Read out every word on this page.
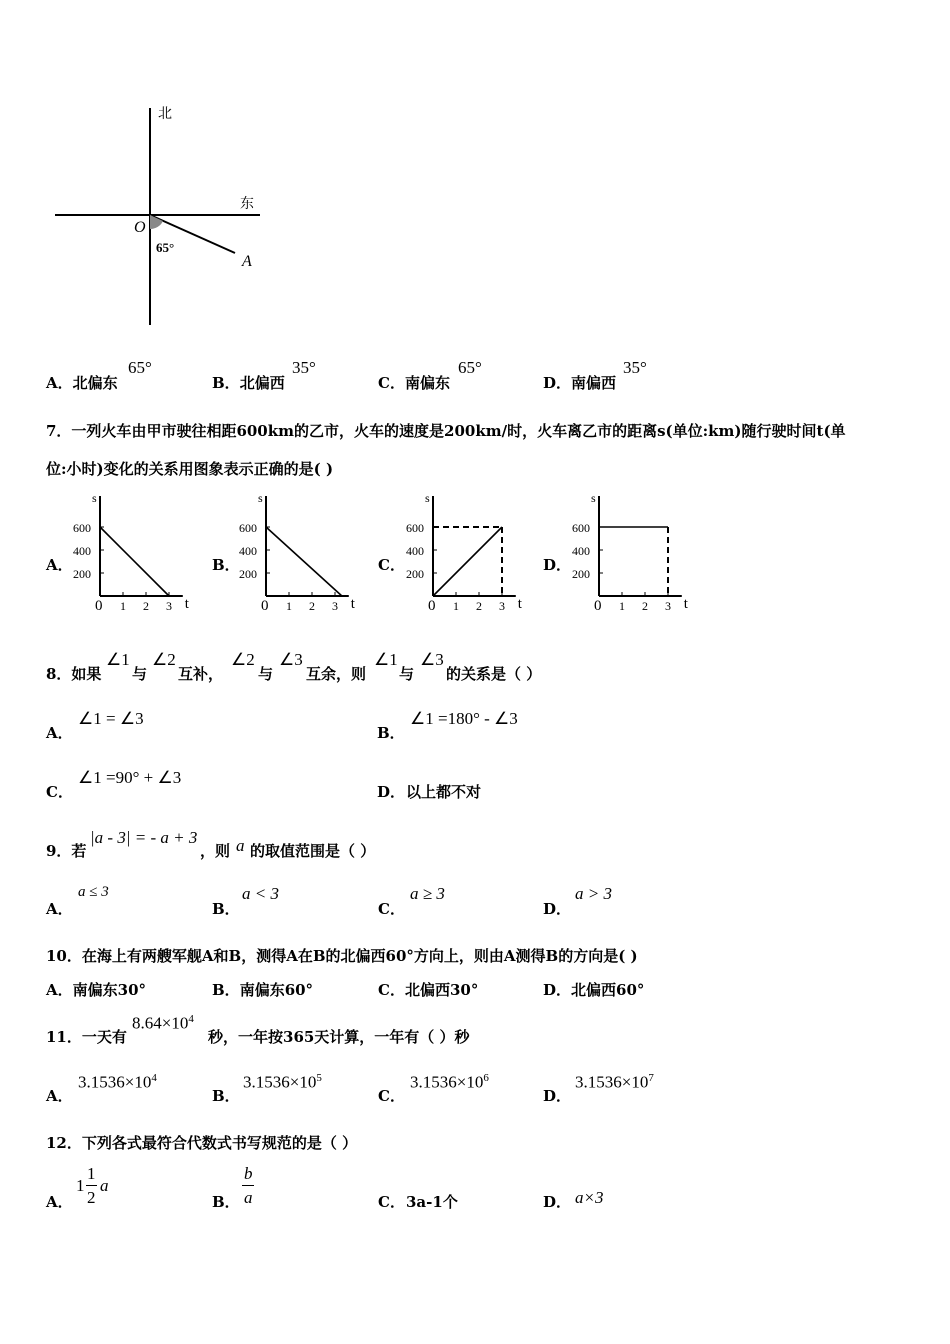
北
东
O
A
65°
A．北偏东
65°
B．北偏西
35°
C．南偏东
65°
D．南偏西
35°
7．一列火车由甲市驶往相距600km的乙市，火车的速度是200km/时，火车离乙市的距离s(单位:km)随行驶时间t(单
位:小时)变化的关系用图象表示正确的是( )
A．	B．	C．	D．
s
t
200
400
600
0 1 2 3
s
t
200
400
600
0 1 2 3
s
t
200
400
600
0 1 2 3
s
t
200
400
600
0 1 2 3
8．如果
∠1
与
∠2
互补，
∠2
与
∠3
互余，则
∠1
与
∠3
的关系是（ ）
A．
∠1 = ∠3
B．
∠1 =180° - ∠3
C．
∠1 =90° + ∠3
D． 以上都不对
9．若
|a - 3| = - a + 3
，则 a 的取值范围是（ ）
A．
a ≤ 3
B．
a < 3
C．
a ≥ 3
D．
a > 3
10．在海上有两艘军舰A和B，测得A在B的北偏西60°方向上，则由A测得B的方向是( )
A．南偏东30°	B．南偏东60°	C．北偏西30°	D．北偏西60°
11．一天有
$8.64\times 10^4$
秒，一年按365天计算，一年有（ ）秒
A．
$3.1536\times 10^4$
B．
$3.1536\times 10^5$
C．
$3.1536\times 10^6$
D．
$3.1536\times 10^7$
12．下列各式最符合代数式书写规范的是（ ）
A．
1
1
2
a
B．
b
a	C． 3a-1个	D． a×3
